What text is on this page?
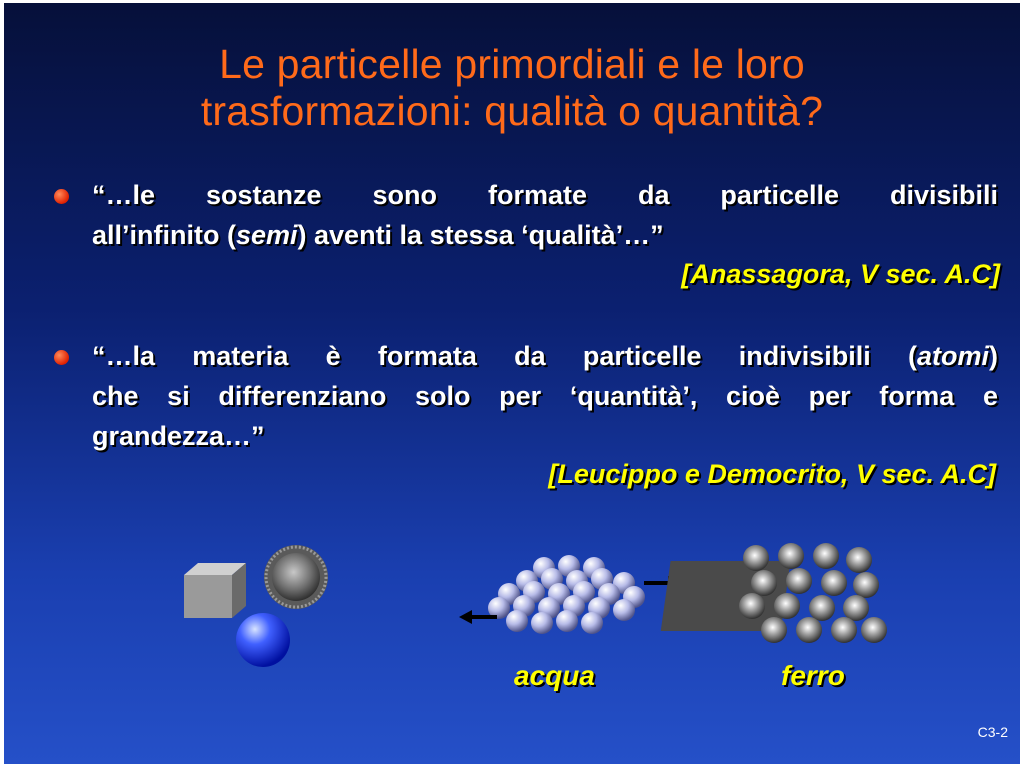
Le particelle primordiali e le loro
trasformazioni: qualità o quantità?
“…le sostanze sono formate da particelle divisibili
all’infinito (semi) aventi la stessa ‘qualità’…”
[Anassagora, V sec. A.C]
“…la materia è formata da particelle indivisibili (atomi)
che si differenziano solo per ‘quantità’, cioè per forma e
grandezza…”
[Leucippo e Democrito, V sec. A.C]
acqua	ferro
C3-2
